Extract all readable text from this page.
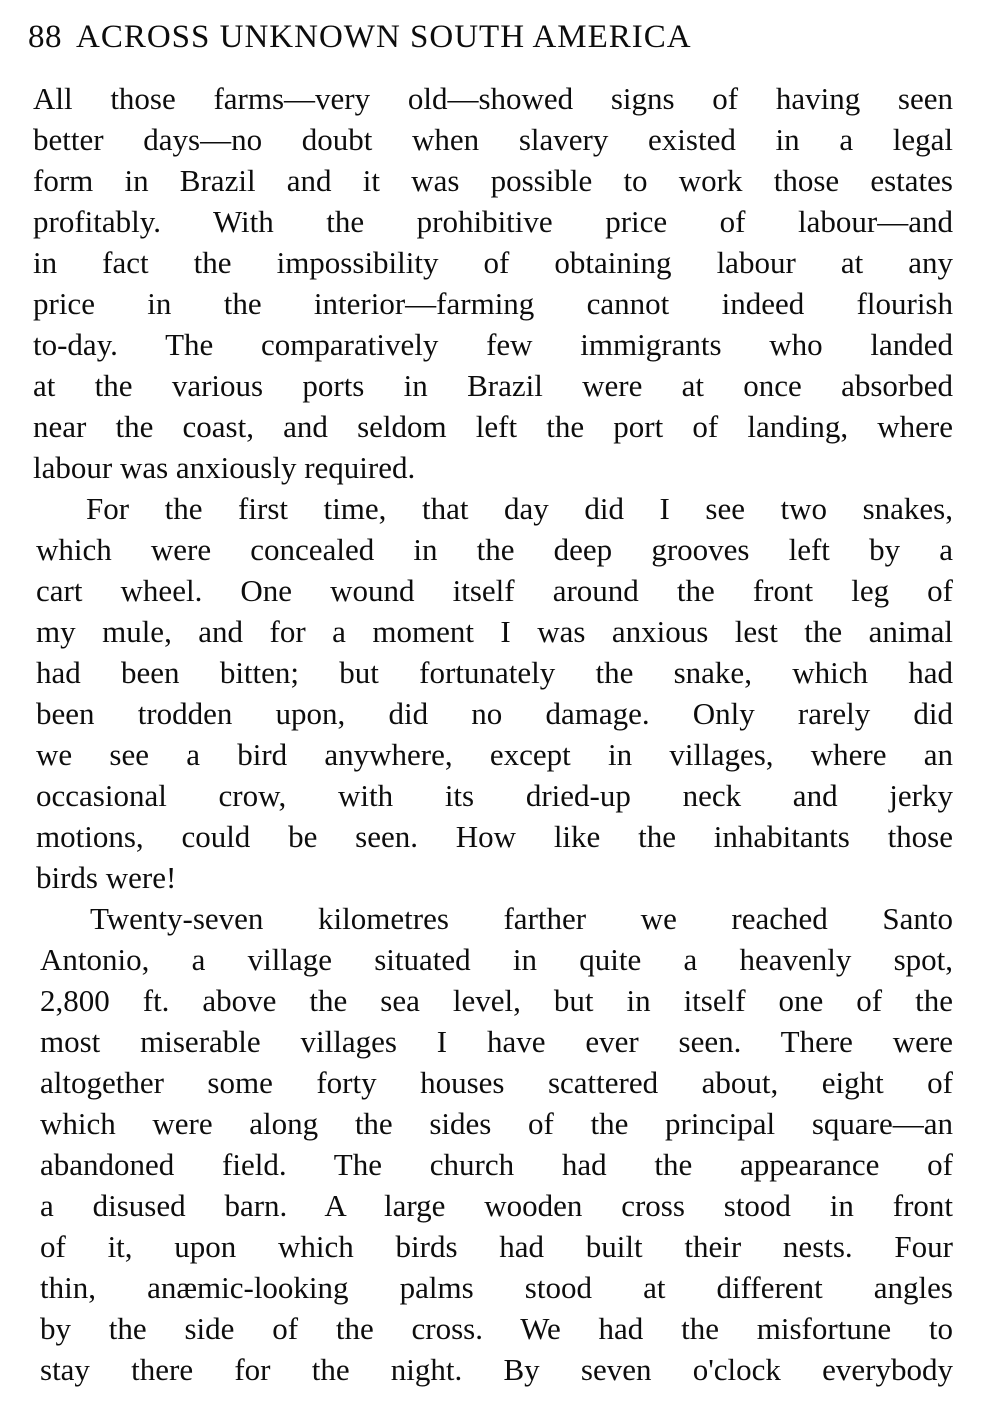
88 ACROSS UNKNOWN SOUTH AMERICA
All those farms—very old—showed signs of having seen
better days—no doubt when slavery existed in a legal
form in Brazil and it was possible to work those estates
profitably. With the prohibitive price of labour—and
in fact the impossibility of obtaining labour at any
price in the interior—farming cannot indeed flourish
to-day. The comparatively few immigrants who landed
at the various ports in Brazil were at once absorbed
near the coast, and seldom left the port of landing, where
labour was anxiously required.
For the first time, that day did I see two snakes,
which were concealed in the deep grooves left by a
cart wheel. One wound itself around the front leg of
my mule, and for a moment I was anxious lest the animal
had been bitten; but fortunately the snake, which had
been trodden upon, did no damage. Only rarely did
we see a bird anywhere, except in villages, where an
occasional crow, with its dried-up neck and jerky
motions, could be seen. How like the inhabitants those
birds were!
Twenty-seven kilometres farther we reached Santo
Antonio, a village situated in quite a heavenly spot,
2,800 ft. above the sea level, but in itself one of the
most miserable villages I have ever seen. There were
altogether some forty houses scattered about, eight of
which were along the sides of the principal square—an
abandoned field. The church had the appearance of
a disused barn. A large wooden cross stood in front
of it, upon which birds had built their nests. Four
thin, anæmic-looking palms stood at different angles
by the side of the cross. We had the misfortune to
stay there for the night. By seven o'clock everybody
